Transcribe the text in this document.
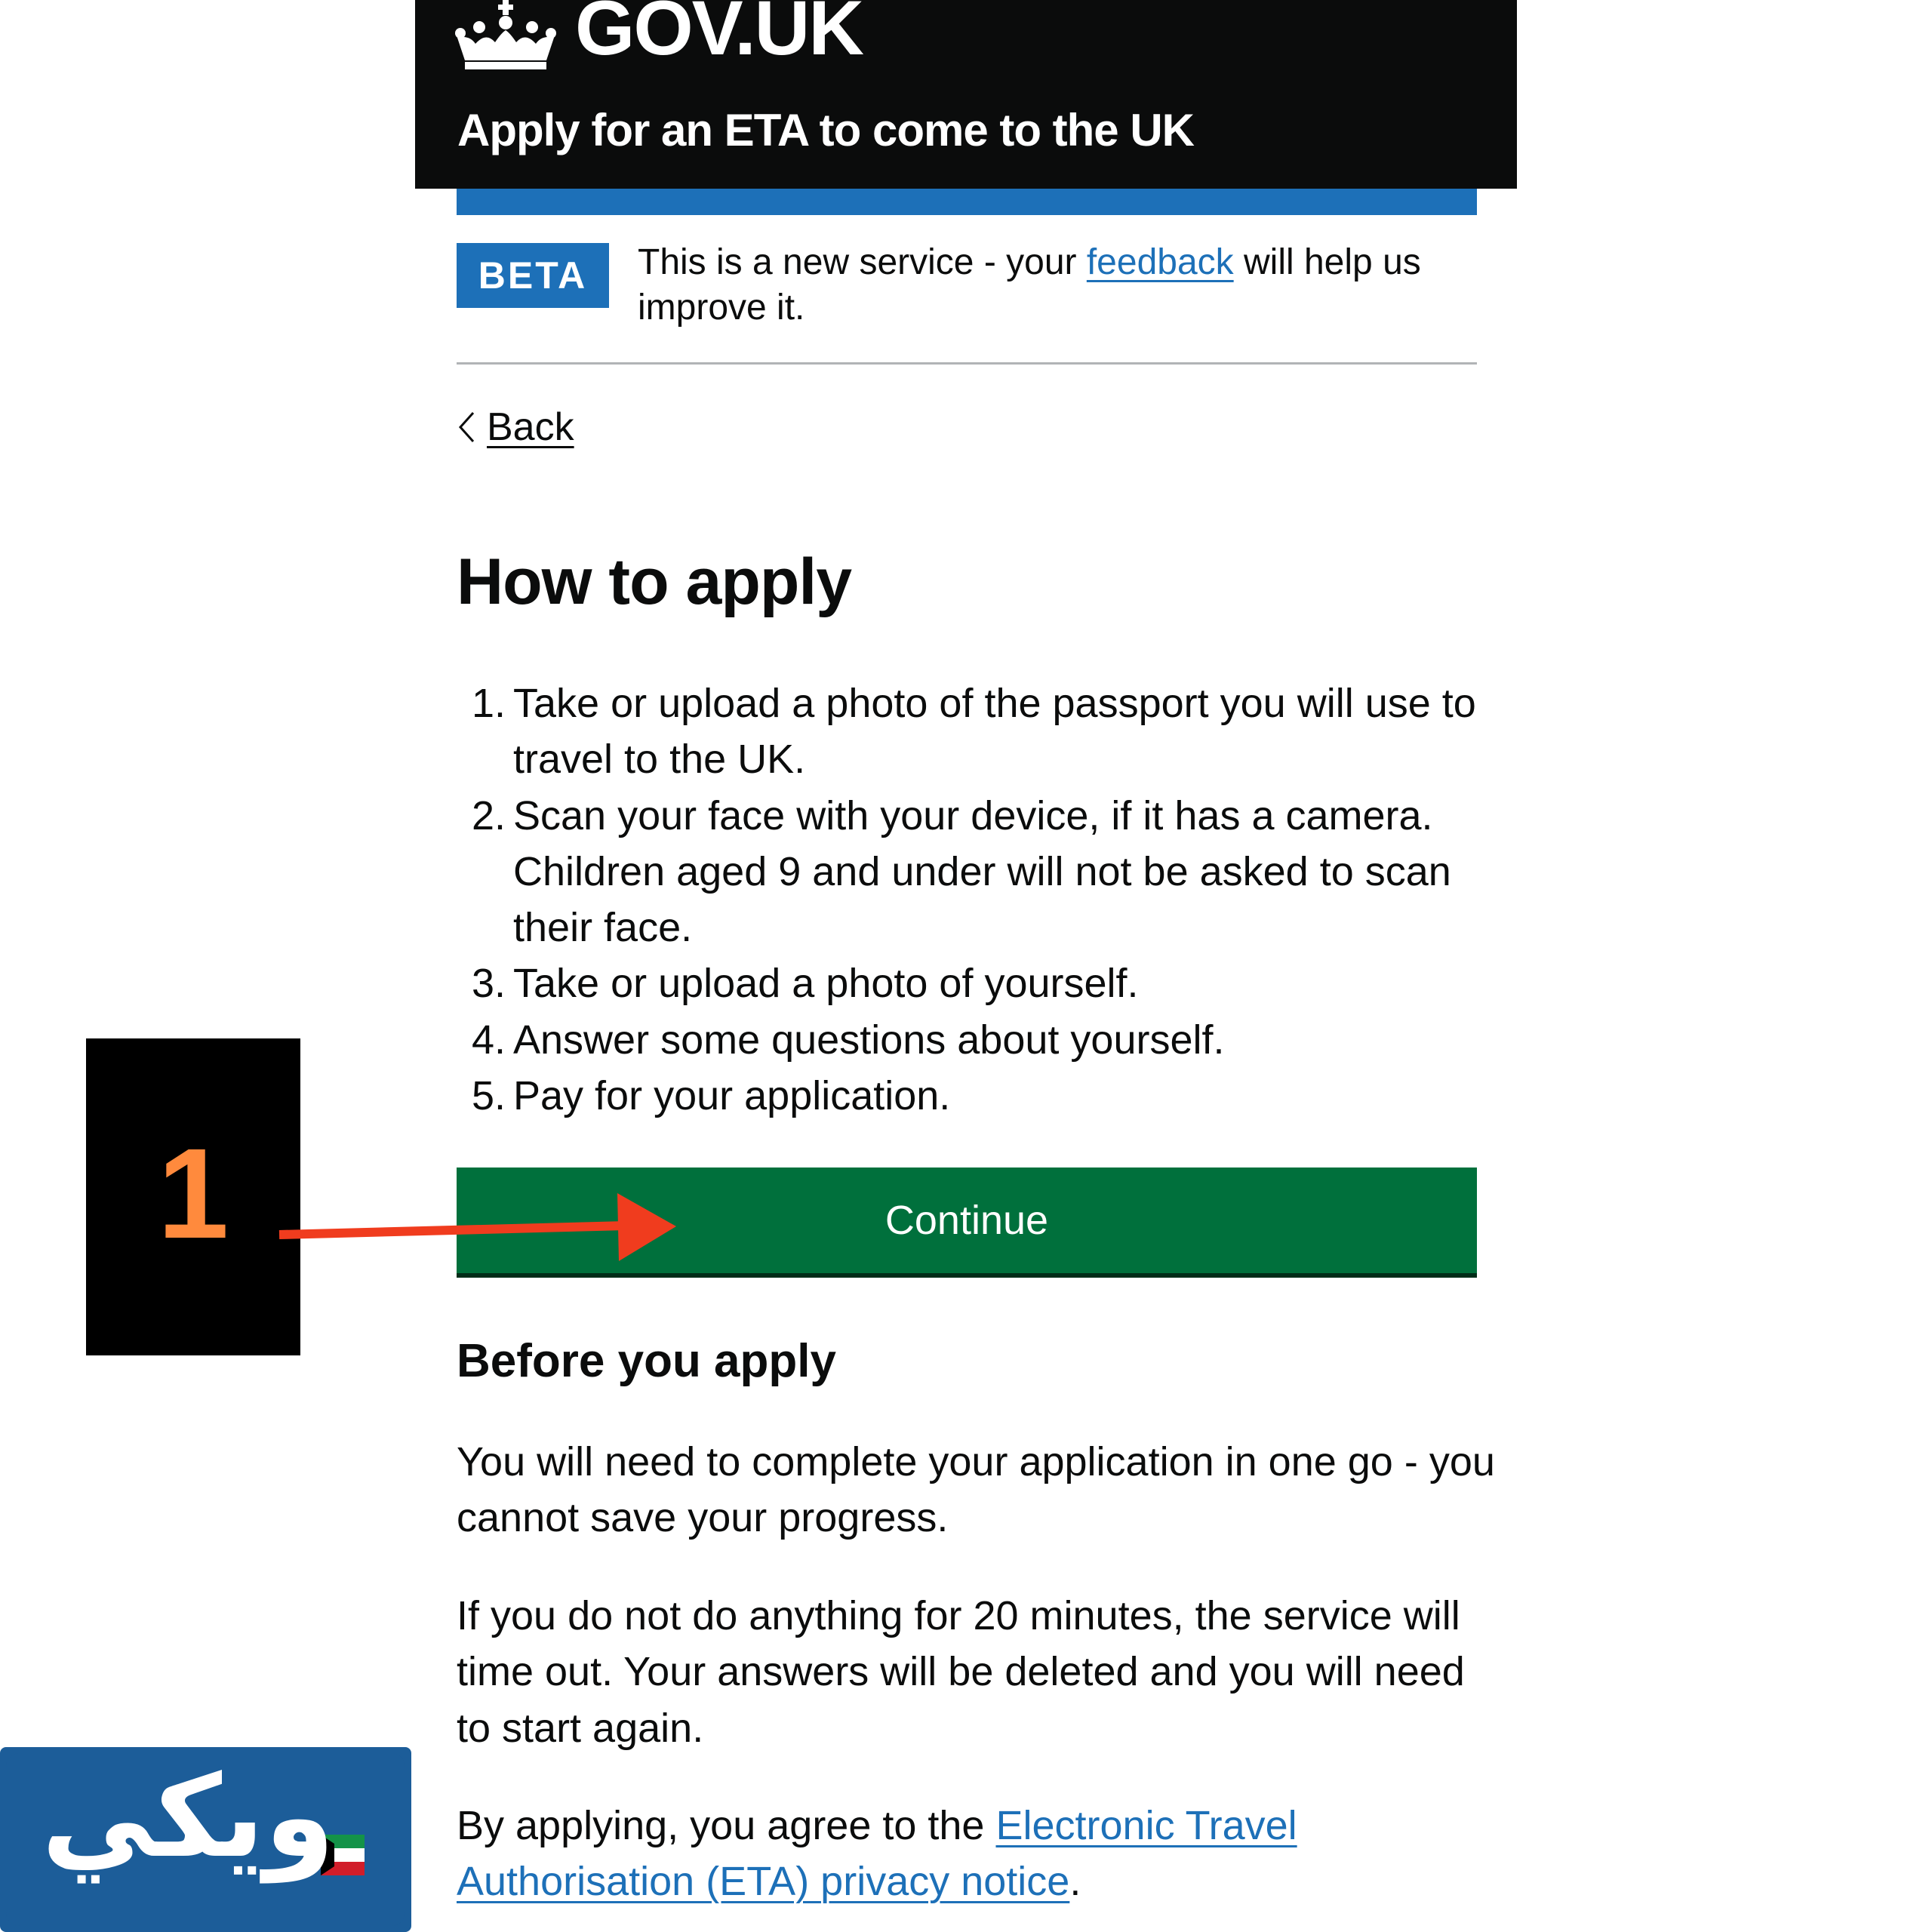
GOV.UK
Apply for an ETA to come to the UK
BETA	This is a new service - your feedback will help us improve it.
Back
How to apply
1. Take or upload a photo of the passport you will use to travel to the UK.
2. Scan your face with your device, if it has a camera. Children aged 9 and under will not be asked to scan their face.
3. Take or upload a photo of yourself.
4. Answer some questions about yourself.
5. Pay for your application.
Continue
Before you apply

You will need to complete your application in one go - you cannot save your progress.

If you do not do anything for 20 minutes, the service will time out. Your answers will be deleted and you will need to start again.

By applying, you agree to the Electronic Travel Authorisation (ETA) privacy notice.

1
ويكي
